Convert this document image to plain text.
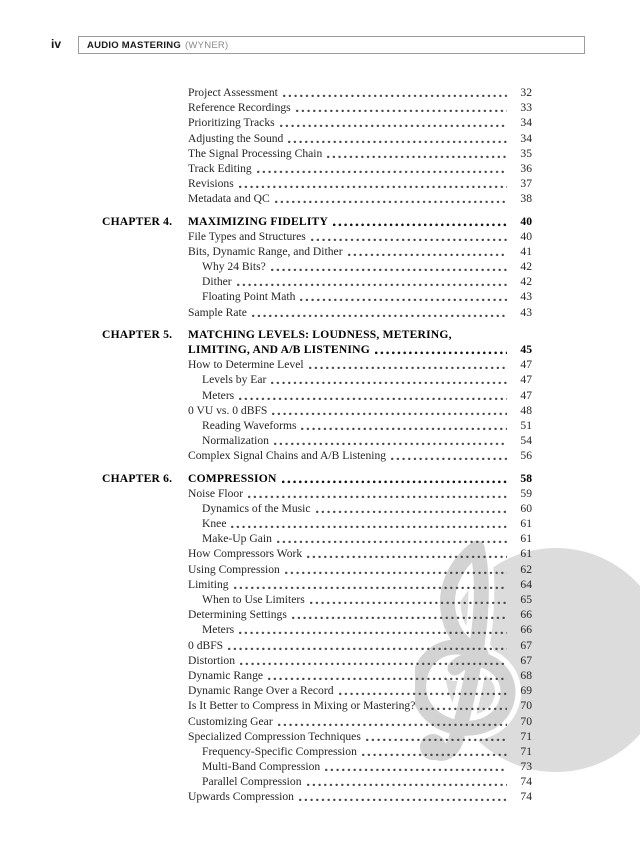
iv	AUDIO MASTERING (WYNER)
Project Assessment	32
Reference Recordings	33
Prioritizing Tracks	34
Adjusting the Sound	34
The Signal Processing Chain	35
Track Editing	36
Revisions	37
Metadata and QC	38
CHAPTER 4. MAXIMIZING FIDELITY	40
File Types and Structures	40
Bits, Dynamic Range, and Dither	41
Why 24 Bits?	42
Dither	42
Floating Point Math	43
Sample Rate	43
CHAPTER 5. MATCHING LEVELS: LOUDNESS, METERING,
LIMITING, AND A/B LISTENING	45
How to Determine Level	47
Levels by Ear	47
Meters	47
0 VU vs. 0 dBFS	48
Reading Waveforms	51
Normalization	54
Complex Signal Chains and A/B Listening	56
CHAPTER 6. COMPRESSION	58
Noise Floor	59
Dynamics of the Music	60
Knee	61
Make-Up Gain	61
How Compressors Work	61
Using Compression	62
Limiting	64
When to Use Limiters	65
Determining Settings	66
Meters	66
0 dBFS	67
Distortion	67
Dynamic Range	68
Dynamic Range Over a Record	69
Is It Better to Compress in Mixing or Mastering?	70
Customizing Gear	70
Specialized Compression Techniques	71
Frequency-Specific Compression	71
Multi-Band Compression	73
Parallel Compression	74
Upwards Compression	74
